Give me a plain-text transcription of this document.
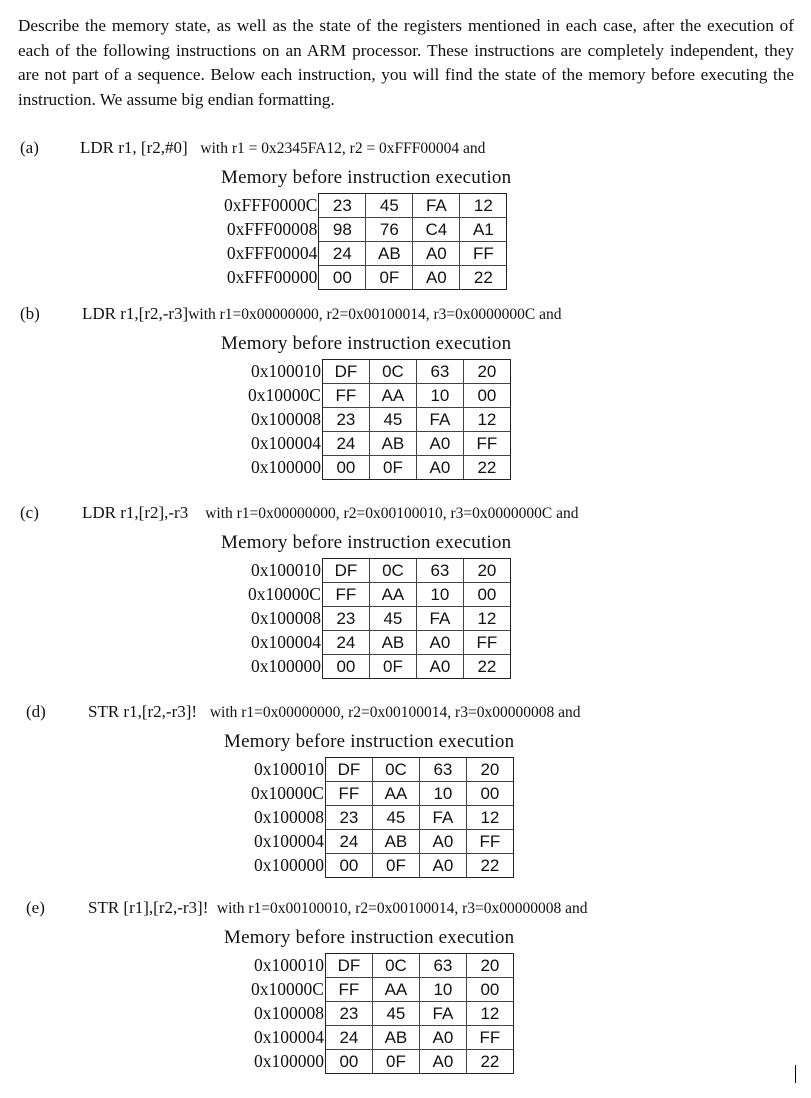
Describe the memory state, as well as the state of the registers mentioned in each case, after the execution of each of the following instructions on an ARM processor. These instructions are completely independent, they are not part of a sequence. Below each instruction, you will find the state of the memory before executing the instruction. We assume big endian formatting.
(a) LDR r1, [r2,#0] with r1 = 0x2345FA12, r2 = 0xFFF00004 and
Memory before instruction execution
0xFFF0000C	23	45	FA	12
0xFFF00008	98	76	C4	A1
0xFFF00004	24	AB	A0	FF
0xFFF00000	00	0F	A0	22
(b) LDR r1,[r2,-r3]with r1=0x00000000, r2=0x00100014, r3=0x0000000C and
Memory before instruction execution
0x100010	DF	0C	63	20
0x10000C	FF	AA	10	00
0x100008	23	45	FA	12
0x100004	24	AB	A0	FF
0x100000	00	0F	A0	22
(c)	LDR r1,[r2],-r3 with r1=0x00000000, r2=0x00100010, r3=0x0000000C and
Memory before instruction execution
0x100010	DF	0C	63	20
0x10000C	FF	AA	10	00
0x100008	23	45	FA	12
0x100004	24	AB	A0	FF
0x100000	00	0F	A0	22
(d) STR r1,[r2,-r3]! with r1=0x00000000, r2=0x00100014, r3=0x00000008 and
Memory before instruction execution
0x100010	DF	0C	63	20
0x10000C	FF	AA	10	00
0x100008	23	45	FA	12
0x100004	24	AB	A0	FF
0x100000	00	0F	A0	22
(e)	STR [r1],[r2,-r3]! with r1=0x00100010, r2=0x00100014, r3=0x00000008 and
Memory before instruction execution
0x100010	DF	0C	63	20
0x10000C	FF	AA	10	00
0x100008	23	45	FA	12
0x100004	24	AB	A0	FF
0x100000	00	0F	A0	22
